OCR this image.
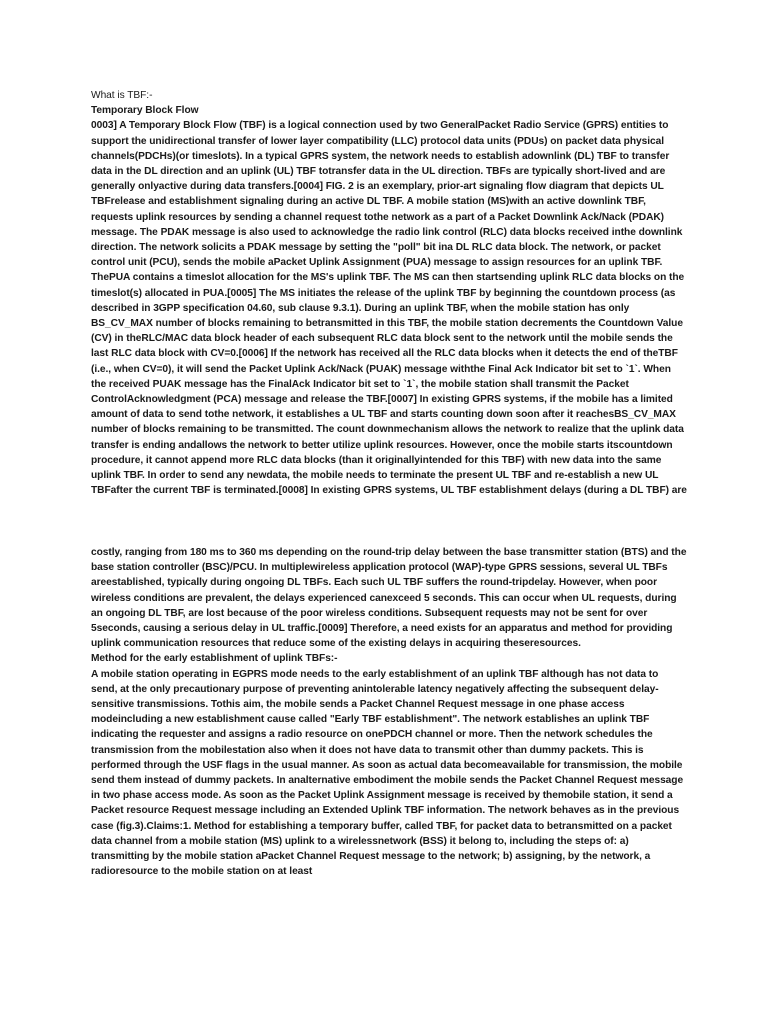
What is TBF:-

Temporary Block Flow

0003] A Temporary Block Flow (TBF) is a logical connection used by two GeneralPacket Radio Service (GPRS) entities to support the unidirectional transfer of lower layer compatibility (LLC) protocol data units (PDUs) on packet data physical channels(PDCHs)(or timeslots). In a typical GPRS system, the network needs to establish adownlink (DL) TBF to transfer data in the DL direction and an uplink (UL) TBF totransfer data in the UL direction. TBFs are typically short-lived and are generally onlyactive during data transfers.[0004] FIG. 2 is an exemplary, prior-art signaling flow diagram that depicts UL TBFrelease and establishment signaling during an active DL TBF. A mobile station (MS)with an active downlink TBF, requests uplink resources by sending a channel request tothe network as a part of a Packet Downlink Ack/Nack (PDAK) message. The PDAK message is also used to acknowledge the radio link control (RLC) data blocks received inthe downlink direction. The network solicits a PDAK message by setting the "poll" bit ina DL RLC data block. The network, or packet control unit (PCU), sends the mobile aPacket Uplink Assignment (PUA) message to assign resources for an uplink TBF. ThePUA contains a timeslot allocation for the MS's uplink TBF. The MS can then startsending uplink RLC data blocks on the timeslot(s) allocated in PUA.[0005] The MS initiates the release of the uplink TBF by beginning the countdown process (as described in 3GPP specification 04.60, sub clause 9.3.1). During an uplink TBF, when the mobile station has only BS_CV_MAX number of blocks remaining to betransmitted in this TBF, the mobile station decrements the Countdown Value (CV) in theRLC/MAC data block header of each subsequent RLC data block sent to the network until the mobile sends the last RLC data block with CV=0.[0006] If the network has received all the RLC data blocks when it detects the end of theTBF (i.e., when CV=0), it will send the Packet Uplink Ack/Nack (PUAK) message withthe Final Ack Indicator bit set to `1`. When the received PUAK message has the FinalAck Indicator bit set to `1`, the mobile station shall transmit the Packet ControlAcknowledgment (PCA) message and release the TBF.[0007] In existing GPRS systems, if the mobile has a limited amount of data to send tothe network, it establishes a UL TBF and starts counting down soon after it reachesBS_CV_MAX number of blocks remaining to be transmitted. The count downmechanism allows the network to realize that the uplink data transfer is ending andallows the network to better utilize uplink resources. However, once the mobile starts itscountdown procedure, it cannot append more RLC data blocks (than it originallyintended for this TBF) with new data into the same uplink TBF. In order to send any newdata, the mobile needs to terminate the present UL TBF and re-establish a new UL TBFafter the current TBF is terminated.[0008] In existing GPRS systems, UL TBF establishment delays (during a DL TBF) are

costly, ranging from 180 ms to 360 ms depending on the round-trip delay between the base transmitter station (BTS) and the base station controller (BSC)/PCU. In multiplewireless application protocol (WAP)-type GPRS sessions, several UL TBFs areestablished, typically during ongoing DL TBFs. Each such UL TBF suffers the round-tripdelay. However, when poor wireless conditions are prevalent, the delays experienced canexceed 5 seconds. This can occur when UL requests, during an ongoing DL TBF, are lost because of the poor wireless conditions. Subsequent requests may not be sent for over 5seconds, causing a serious delay in UL traffic.[0009] Therefore, a need exists for an apparatus and method for providing uplink communication resources that reduce some of the existing delays in acquiring theseresources.

Method for the early establishment of uplink TBFs:-

A mobile station operating in EGPRS mode needs to the early establishment of an uplink TBF although has not data to send, at the only precautionary purpose of preventing anintolerable latency negatively affecting the subsequent delay-sensitive transmissions. Tothis aim, the mobile sends a Packet Channel Request message in one phase access modeincluding a new establishment cause called "Early TBF establishment". The network establishes an uplink TBF indicating the requester and assigns a radio resource on onePDCH channel or more. Then the network schedules the transmission from the mobilestation also when it does not have data to transmit other than dummy packets. This is performed through the USF flags in the usual manner. As soon as actual data becomeavailable for transmission, the mobile send them instead of dummy packets. In analternative embodiment the mobile sends the Packet Channel Request message in two phase access mode. As soon as the Packet Uplink Assignment message is received by themobile station, it send a Packet resource Request message including an Extended Uplink TBF information. The network behaves as in the previous case (fig.3).Claims:1. Method for establishing a temporary buffer, called TBF, for packet data to betransmitted on a packet data channel from a mobile station (MS) uplink to a wirelessnetwork (BSS) it belong to, including the steps of: a) transmitting by the mobile station aPacket Channel Request message to the network; b) assigning, by the network, a radioresource to the mobile station on at least
